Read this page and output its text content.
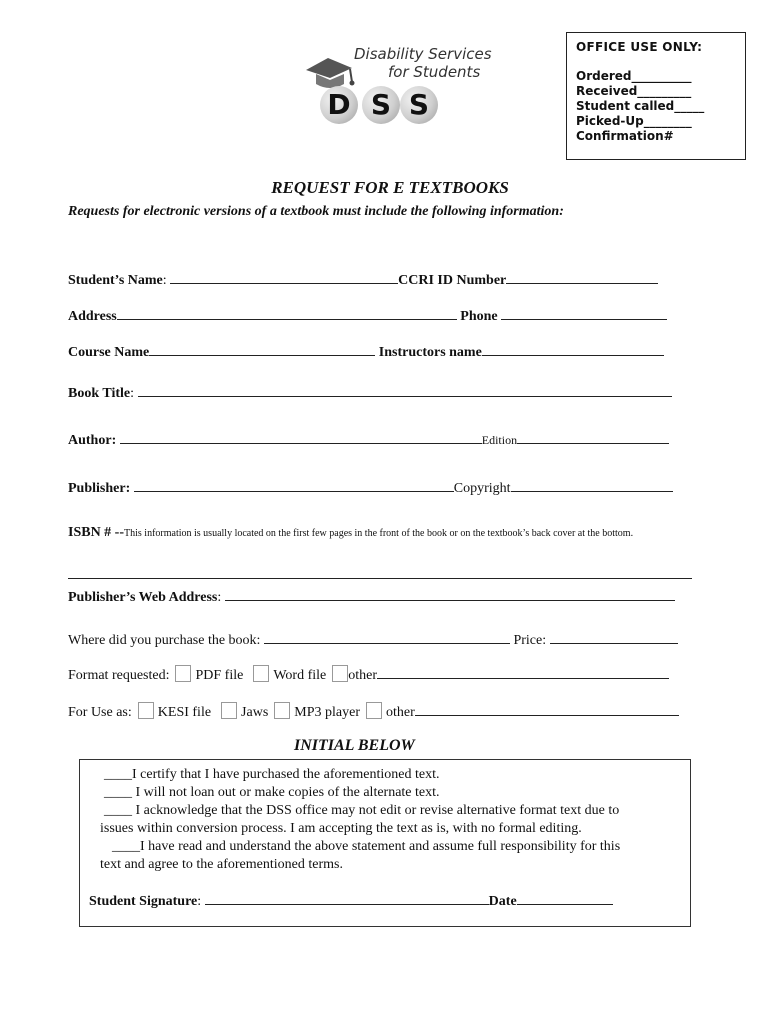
Disability Services
for Students
D S S
OFFICE USE ONLY:
Ordered__________
Received_________
Student called_____
Picked-Up________
Confirmation#
REQUEST FOR E TEXTBOOKS
Requests for electronic versions of a textbook must include the following information:
Student’s Name:	CCRI ID Number
Address	Phone
Course Name	Instructors name
Book Title:
Author:	Edition
Publisher:	Copyright
ISBN # --This information is usually located on the first few pages in the front of the book or on the textbook’s back cover at the bottom.
Publisher’s Web Address:
Where did you purchase the book:	Price:
Format requested: PDF file Word file other
For Use as: KESI file Jaws MP3 player other
INITIAL BELOW
____I certify that I have purchased the aforementioned text.
____ I will not loan out or make copies of the alternate text.
____ I acknowledge that the DSS office may not edit or revise alternative format text due to
issues within conversion process. I am accepting the text as is, with no formal editing.
____I have read and understand the above statement and assume full responsibility for this
text and agree to the aforementioned terms.
Student Signature:	Date
